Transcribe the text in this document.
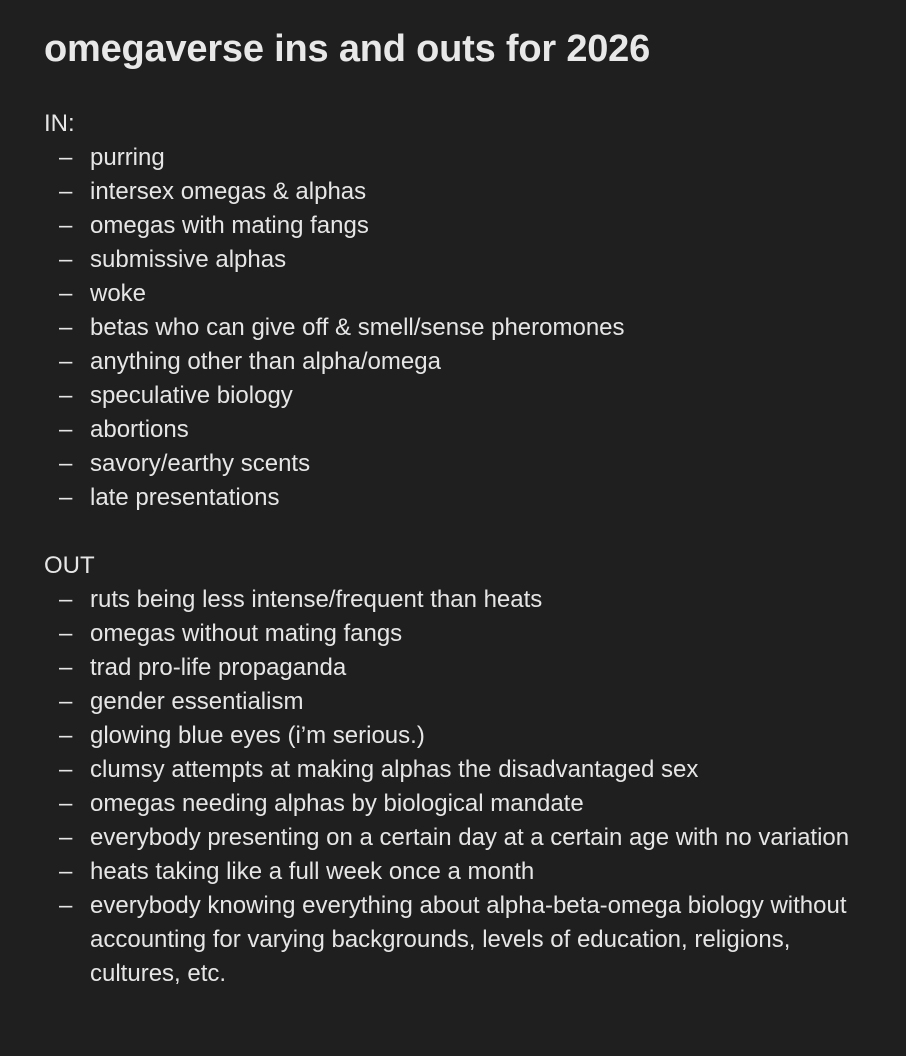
omegaverse ins and outs for 2026
IN:
– purring
– intersex omegas & alphas
– omegas with mating fangs
– submissive alphas
– woke
– betas who can give off & smell/sense pheromones
– anything other than alpha/omega
– speculative biology
– abortions
– savory/earthy scents
– late presentations
OUT
– ruts being less intense/frequent than heats
– omegas without mating fangs
– trad pro-life propaganda
– gender essentialism
– glowing blue eyes (i’m serious.)
– clumsy attempts at making alphas the disadvantaged sex
– omegas needing alphas by biological mandate
– everybody presenting on a certain day at a certain age with no variation
– heats taking like a full week once a month
– everybody knowing everything about alpha-beta-omega biology without accounting for varying backgrounds, levels of education, religions, cultures, etc.
